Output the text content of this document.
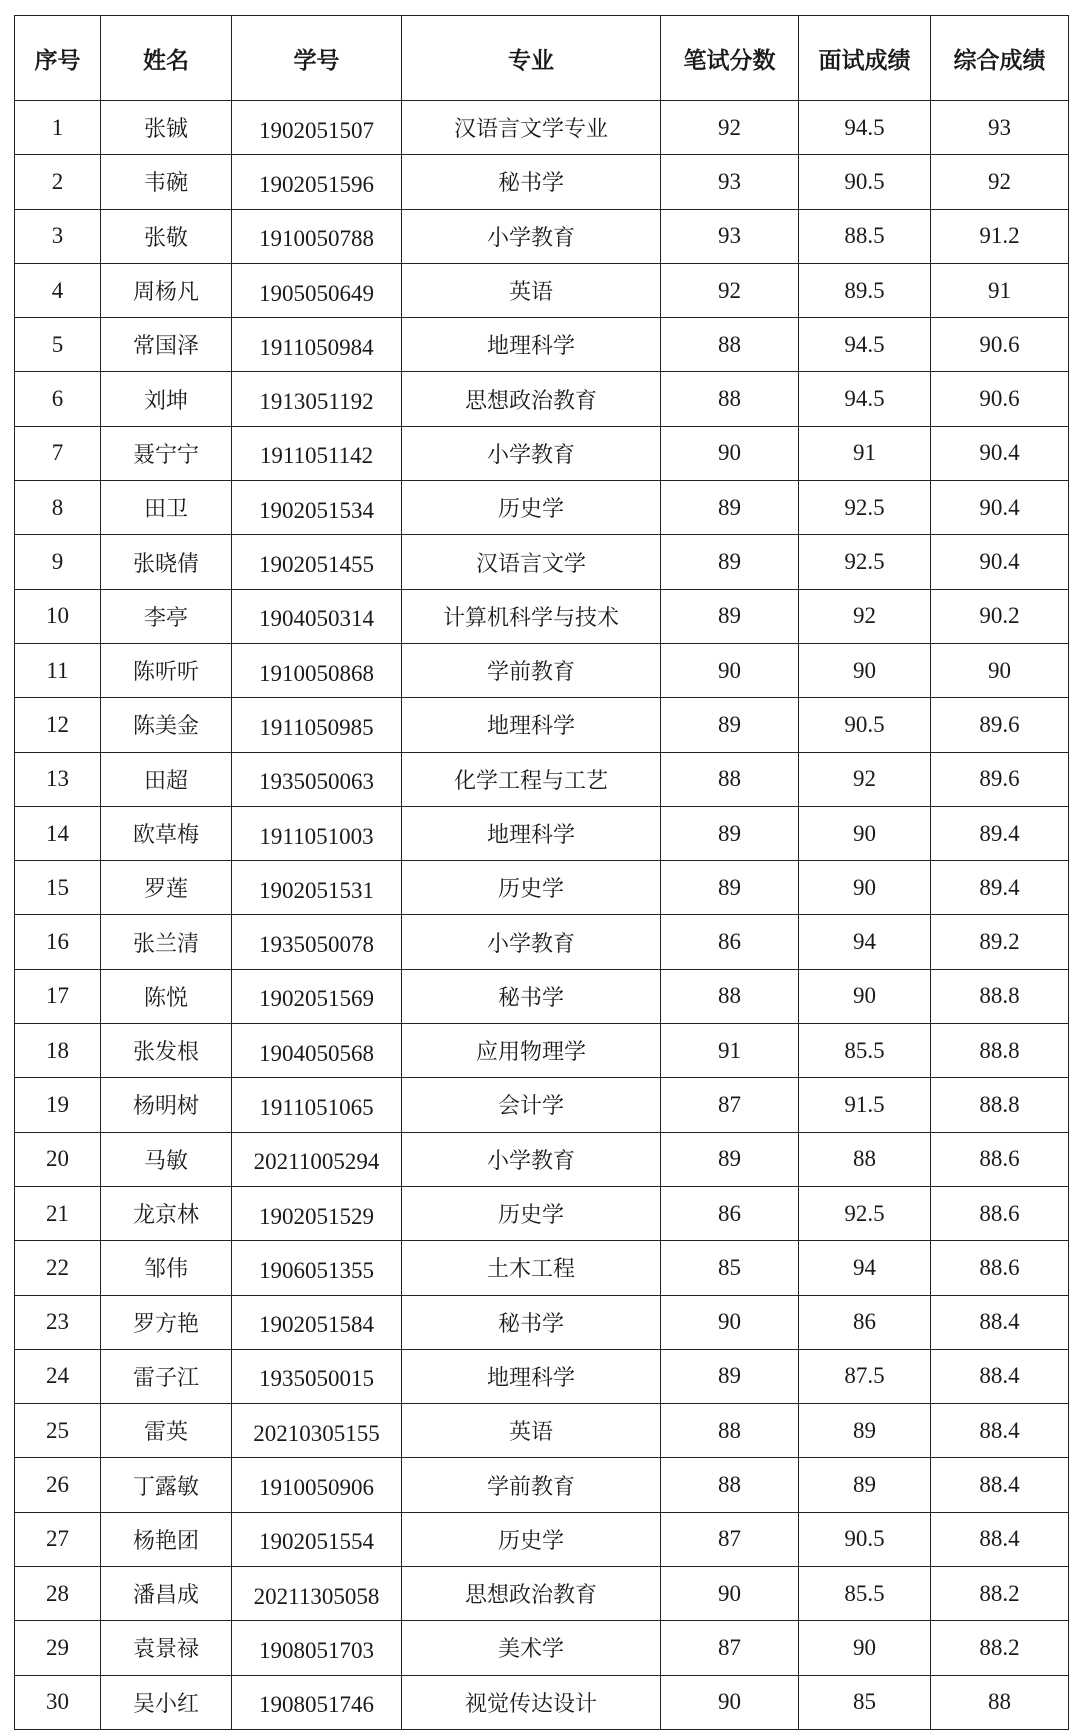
序号	姓名	学号	专业	笔试分数	面试成绩	综合成绩
1	张铖	1902051507	汉语言文学专业	92	94.5	93
2	韦碗	1902051596	秘书学	93	90.5	92
3	张敬	1910050788	小学教育	93	88.5	91.2
4	周杨凡	1905050649	英语	92	89.5	91
5	常国泽	1911050984	地理科学	88	94.5	90.6
6	刘坤	1913051192	思想政治教育	88	94.5	90.6
7	聂宁宁	1911051142	小学教育	90	91	90.4
8	田卫	1902051534	历史学	89	92.5	90.4
9	张晓倩	1902051455	汉语言文学	89	92.5	90.4
10	李亭	1904050314	计算机科学与技术	89	92	90.2
11	陈听听	1910050868	学前教育	90	90	90
12	陈美金	1911050985	地理科学	89	90.5	89.6
13	田超	1935050063	化学工程与工艺	88	92	89.6
14	欧草梅	1911051003	地理科学	89	90	89.4
15	罗莲	1902051531	历史学	89	90	89.4
16	张兰清	1935050078	小学教育	86	94	89.2
17	陈悦	1902051569	秘书学	88	90	88.8
18	张发根	1904050568	应用物理学	91	85.5	88.8
19	杨明树	1911051065	会计学	87	91.5	88.8
20	马敏	20211005294	小学教育	89	88	88.6
21	龙京林	1902051529	历史学	86	92.5	88.6
22	邹伟	1906051355	土木工程	85	94	88.6
23	罗方艳	1902051584	秘书学	90	86	88.4
24	雷子江	1935050015	地理科学	89	87.5	88.4
25	雷英	20210305155	英语	88	89	88.4
26	丁露敏	1910050906	学前教育	88	89	88.4
27	杨艳团	1902051554	历史学	87	90.5	88.4
28	潘昌成	20211305058	思想政治教育	90	85.5	88.2
29	袁景禄	1908051703	美术学	87	90	88.2
30	吴小红	1908051746	视觉传达设计	90	85	88
